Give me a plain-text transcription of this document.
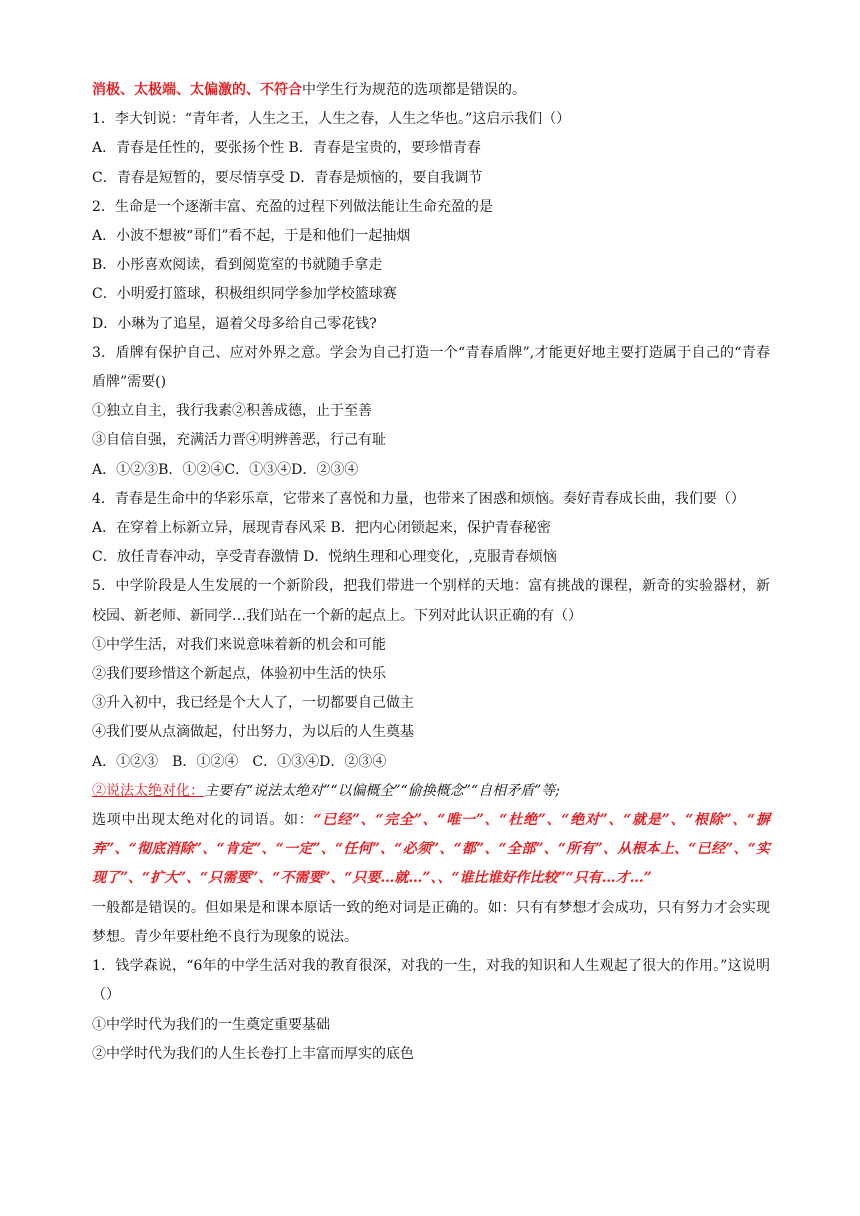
消极、太极端、太偏激的、不符合中学生行为规范的选项都是错误的。
1．李大钊说：“青年者，人生之王，人生之春，人生之华也。”这启示我们（）
A．青春是任性的，要张扬个性 B．青春是宝贵的，要珍惜青春
C．青春是短暂的，要尽情享受 D．青春是烦恼的，要自我调节
2．生命是一个逐渐丰富、充盈的过程下列做法能让生命充盈的是
A．小波不想被“哥们”看不起，于是和他们一起抽烟
B．小彤喜欢阅读，看到阅览室的书就随手拿走
C．小明爱打篮球，积极组织同学参加学校篮球赛
D．小琳为了追星，逼着父母多给自己零花钱?
3．盾牌有保护自己、应对外界之意。学会为自己打造一个“青春盾牌”,才能更好地主要打造属于自己的“青春盾牌”需要()
①独立自主，我行我素②积善成德，止于至善
③自信自强，充满活力晋④明辨善恶，行己有耻
A．①②③B．①②④C．①③④D．②③④
4．青春是生命中的华彩乐章，它带来了喜悦和力量，也带来了困惑和烦恼。奏好青春成长曲，我们要（）
A．在穿着上标新立异，展现青春风采 B．把内心闭锁起来，保护青春秘密
C．放任青春冲动，享受青春激情 D．悦纳生理和心理变化，,克服青春烦恼
5．中学阶段是人生发展的一个新阶段，把我们带进一个别样的天地：富有挑战的课程，新奇的实验器材，新校园、新老师、新同学…我们站在一个新的起点上。下列对此认识正确的有（）
①中学生活，对我们来说意味着新的机会和可能
②我们要珍惜这个新起点，体验初中生活的快乐
③升入初中，我已经是个大人了，一切都要自己做主
④我们要从点滴做起，付出努力，为以后的人生奠基
A．①②③　B．①②④　C．①③④D．②③④
②说法太绝对化：主要有“说法太绝对”“以偏概全”“偷换概念”“自相矛盾”等;
选项中出现太绝对化的词语。如：“已经”、“完全”、“唯一”、“杜绝”、“绝对”、“就是”、“根除”、“摒弃”、“彻底消除”、“肯定”、“一定”、“任何”、“必须”、“都”、“全部”、“所有”、从根本上、“已经”、“实现了”、“扩大”、“只需要”、“不需要”、“只要…就…”、、“谁比谁好作比较”“只有…才…”
一般都是错误的。但如果是和课本原话一致的绝对词是正确的。如：只有有梦想才会成功，只有努力才会实现梦想。青少年要杜绝不良行为现象的说法。
1．钱学森说，“6年的中学生活对我的教育很深，对我的一生，对我的知识和人生观起了很大的作用。”这说明（）
①中学时代为我们的一生奠定重要基础
②中学时代为我们的人生长卷打上丰富而厚实的底色
